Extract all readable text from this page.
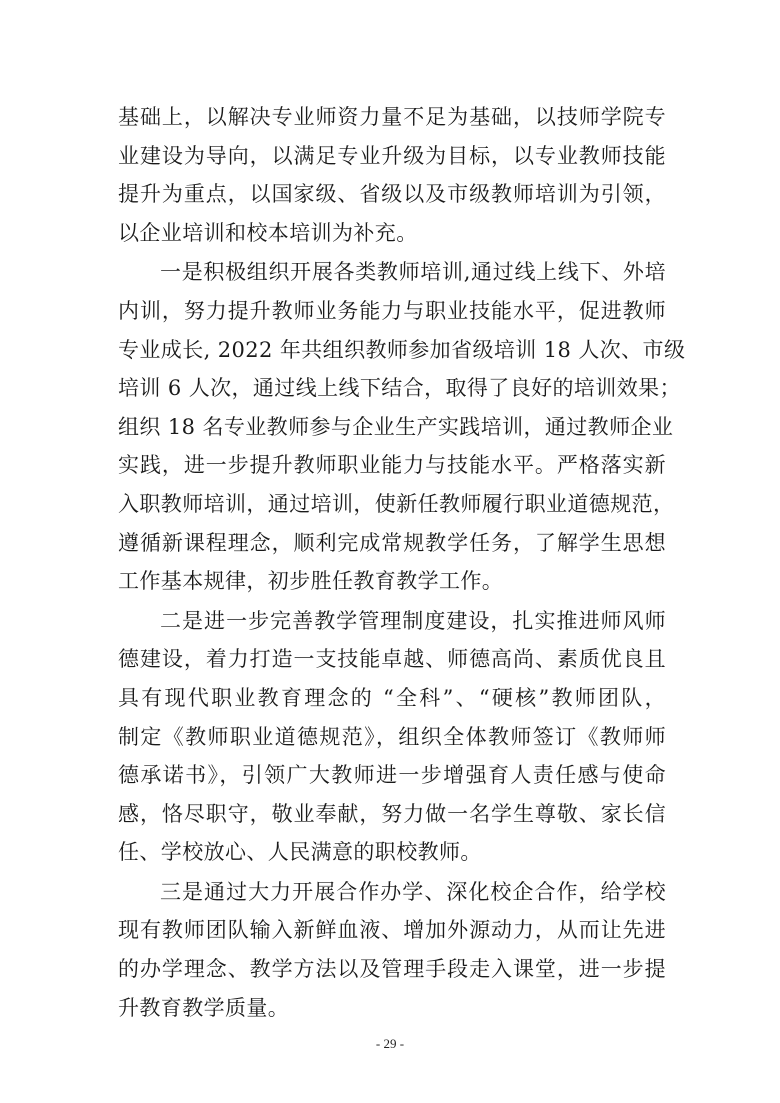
基础上，以解决专业师资力量不足为基础，以技师学院专
业建设为导向，以满足专业升级为目标，以专业教师技能
提升为重点，以国家级、省级以及市级教师培训为引领，
以企业培训和校本培训为补充。
一是积极组织开展各类教师培训,通过线上线下、外培
内训，努力提升教师业务能力与职业技能水平，促进教师
专业成长, 2022 年共组织教师参加省级培训 18 人次、市级
培训 6 人次，通过线上线下结合，取得了良好的培训效果；
组织 18 名专业教师参与企业生产实践培训，通过教师企业
实践，进一步提升教师职业能力与技能水平。严格落实新
入职教师培训，通过培训，使新任教师履行职业道德规范，
遵循新课程理念，顺利完成常规教学任务，了解学生思想
工作基本规律，初步胜任教育教学工作。
二是进一步完善教学管理制度建设，扎实推进师风师
德建设，着力打造一支技能卓越、师德高尚、素质优良且
具有现代职业教育理念的 “全科”、“硬核”教师团队，
制定《教师职业道德规范》，组织全体教师签订《教师师
德承诺书》，引领广大教师进一步增强育人责任感与使命
感，恪尽职守，敬业奉献，努力做一名学生尊敬、家长信
任、学校放心、人民满意的职校教师。
三是通过大力开展合作办学、深化校企合作，给学校
现有教师团队输入新鲜血液、增加外源动力，从而让先进
的办学理念、教学方法以及管理手段走入课堂，进一步提
升教育教学质量。
- 29 -
